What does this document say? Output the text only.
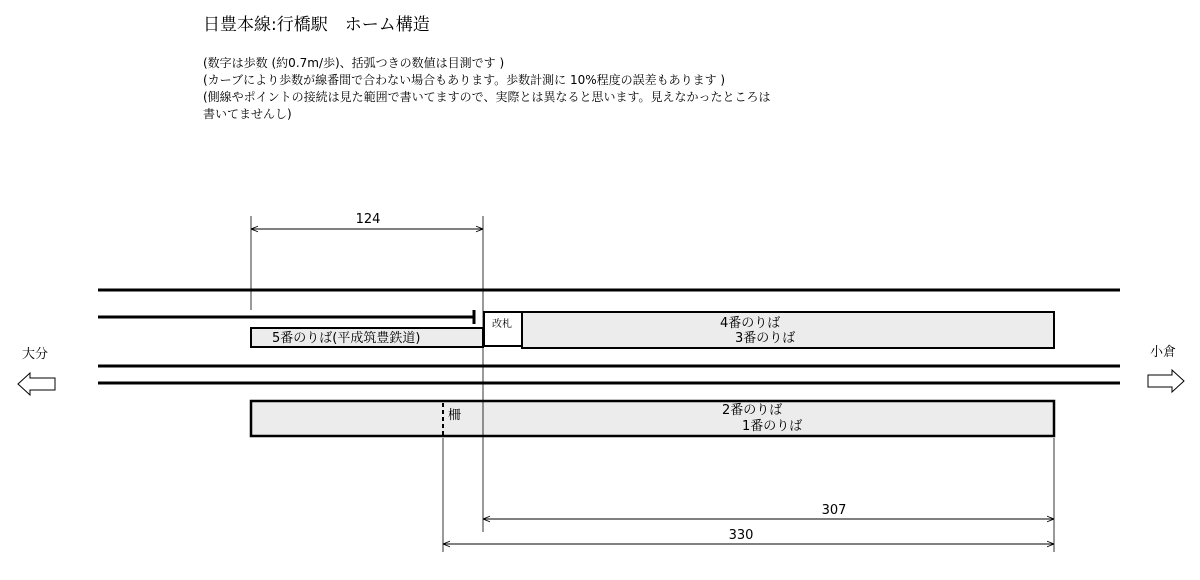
日豊本線:行橋駅　ホーム構造
(数字は歩数 (約0.7m/歩)、括弧つきの数値は目測です )
(カーブにより歩数が線番間で合わない場合もあります。歩数計測に 10%程度の誤差もあります )
(側線やポイントの接続は見た範囲で書いてますので、実際とは異なると思います。見えなかったところは
書いてませんし)
5番のりば(平成筑豊鉄道)
4番のりば
3番のりば
改札
2番のりば
1番のりば
柵
124
307
330
大分	小倉
